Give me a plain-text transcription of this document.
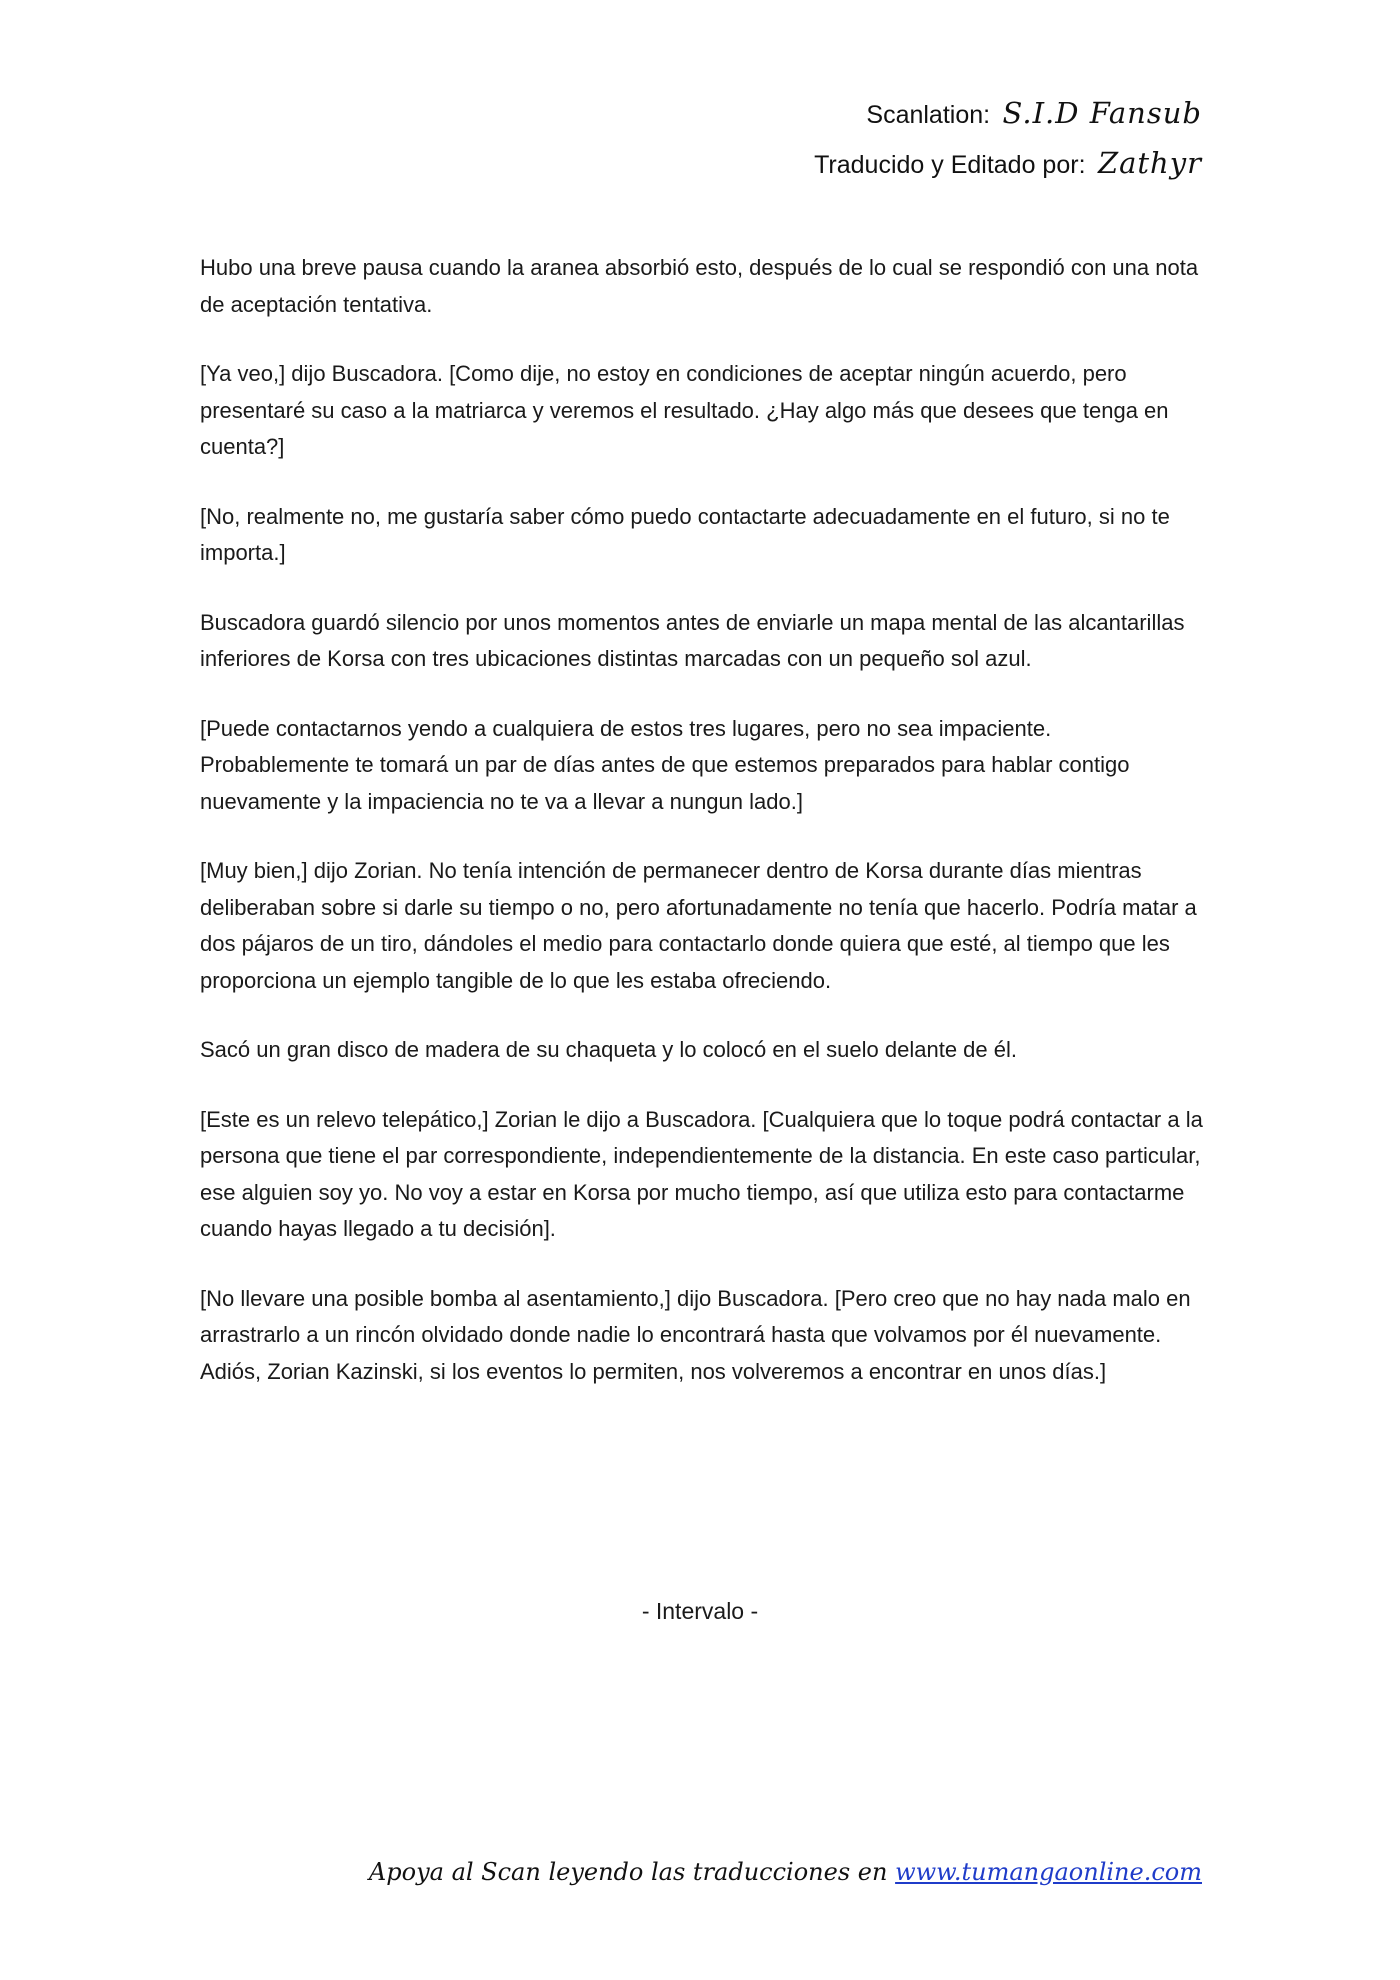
Scanlation: S.I.D Fansub
Traducido y Editado por: Zathyr

Hubo una breve pausa cuando la aranea absorbió esto, después de lo cual se respondió con una nota de aceptación tentativa.

[Ya veo,] dijo Buscadora. [Como dije, no estoy en condiciones de aceptar ningún acuerdo, pero presentaré su caso a la matriarca y veremos el resultado. ¿Hay algo más que desees que tenga en cuenta?]

[No, realmente no, me gustaría saber cómo puedo contactarte adecuadamente en el futuro, si no te importa.]

Buscadora guardó silencio por unos momentos antes de enviarle un mapa mental de las alcantarillas inferiores de Korsa con tres ubicaciones distintas marcadas con un pequeño sol azul.

[Puede contactarnos yendo a cualquiera de estos tres lugares, pero no sea impaciente. Probablemente te tomará un par de días antes de que estemos preparados para hablar contigo nuevamente y la impaciencia no te va a llevar a nungun lado.]

[Muy bien,] dijo Zorian. No tenía intención de permanecer dentro de Korsa durante días mientras deliberaban sobre si darle su tiempo o no, pero afortunadamente no tenía que hacerlo. Podría matar a dos pájaros de un tiro, dándoles el medio para contactarlo donde quiera que esté, al tiempo que les proporciona un ejemplo tangible de lo que les estaba ofreciendo.

Sacó un gran disco de madera de su chaqueta y lo colocó en el suelo delante de él.

[Este es un relevo telepático,] Zorian le dijo a Buscadora. [Cualquiera que lo toque podrá contactar a la persona que tiene el par correspondiente, independientemente de la distancia. En este caso particular, ese alguien soy yo. No voy a estar en Korsa por mucho tiempo, así que utiliza esto para contactarme cuando hayas llegado a tu decisión].

[No llevare una posible bomba al asentamiento,] dijo Buscadora. [Pero creo que no hay nada malo en arrastrarlo a un rincón olvidado donde nadie lo encontrará hasta que volvamos por él nuevamente. Adiós, Zorian Kazinski, si los eventos lo permiten, nos volveremos a encontrar en unos días.]

- Intervalo -
Apoya al Scan leyendo las traducciones en www.tumangaonline.com
